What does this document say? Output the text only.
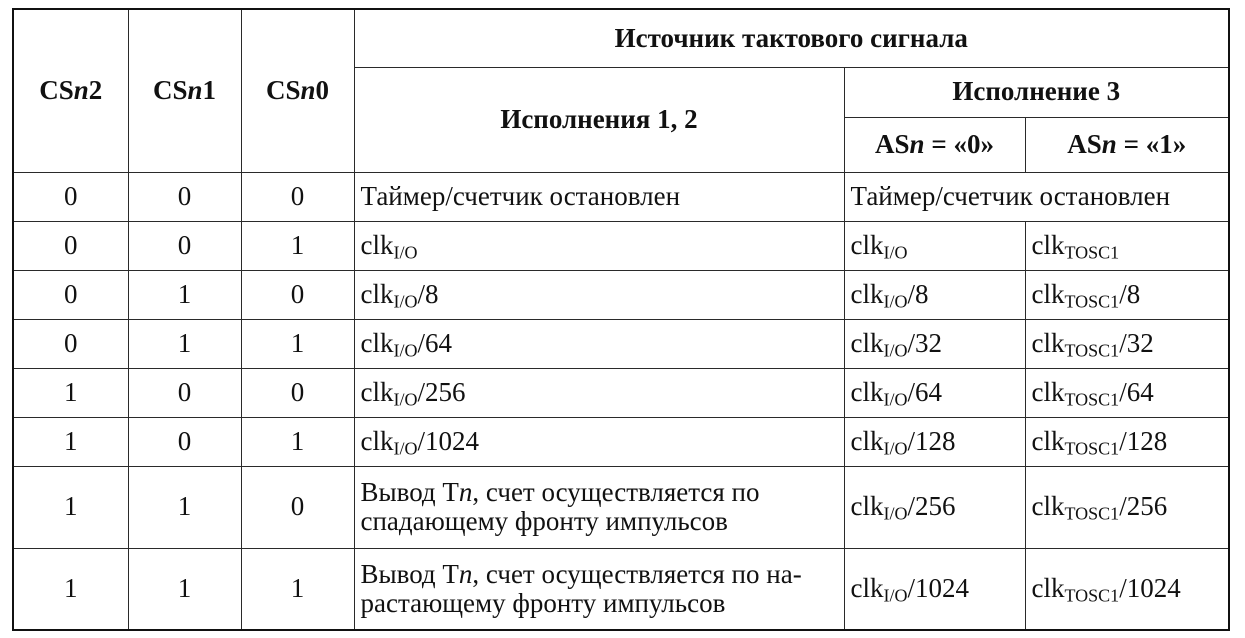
CSn2	CSn1	CSn0	Источник тактового сигнала		
			Исполнения 1, 2	Исполнение 3	
				ASn = «0»	ASn = «1»
0	0	0	Таймер/счетчик остановлен	Таймер/счетчик остановлен	
0	0	1	clk$_{I/O}$	clk$_{I/O}$	clk$_{TOSC1}$
0	1	0	clk$_{I/O}$/8	clk$_{I/O}$/8	clk$_{TOSC1}$/8
0	1	1	clk$_{I/O}$/64	clk$_{I/O}$/32	clk$_{TOSC1}$/32
1	0	0	clk$_{I/O}$/256	clk$_{I/O}$/64	clk$_{TOSC1}$/64
1	0	1	clk$_{I/O}$/1024	clk$_{I/O}$/128	clk$_{TOSC1}$/128
1	1	0	Вывод Tn, счет осуществляется по спадающему фронту импульсов	clk$_{I/O}$/256	clk$_{TOSC1}$/256
1	1	1	Вывод Tn, счет осуществляется по на-растающему фронту импульсов	clk$_{I/O}$/1024	clk$_{TOSC1}$/1024
